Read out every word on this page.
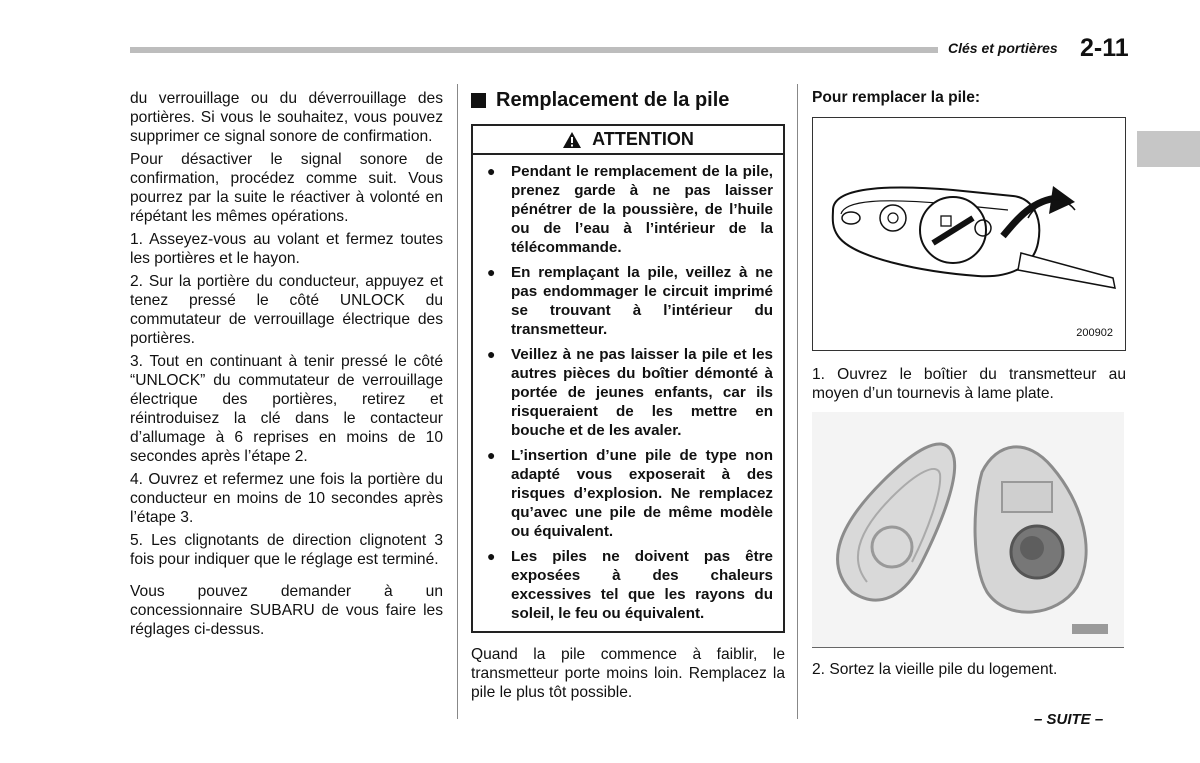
Clés et portières 2-11

du verrouillage ou du déverrouillage des portières. Si vous le souhaitez, vous pouvez supprimer ce signal sonore de confirmation.

Pour désactiver le signal sonore de confirmation, procédez comme suit. Vous pourrez par la suite le réactiver à volonté en répétant les mêmes opérations.

1. Asseyez-vous au volant et fermez toutes les portières et le hayon.

2. Sur la portière du conducteur, appuyez et tenez pressé le côté UNLOCK du commutateur de verrouillage électrique des portières.

3. Tout en continuant à tenir pressé le côté “UNLOCK” du commutateur de verrouillage électrique des portières, retirez et réintroduisez la clé dans le contacteur d’allumage à 6 reprises en moins de 10 secondes après l’étape 2.

4. Ouvrez et refermez une fois la portière du conducteur en moins de 10 secondes après l’étape 3.

5. Les clignotants de direction clignotent 3 fois pour indiquer que le réglage est terminé.

Vous pouvez demander à un concessionnaire SUBARU de vous faire les réglages ci-dessus.

Remplacement de la pile
ATTENTION
●	Pendant le remplacement de la pile, prenez garde à ne pas laisser pénétrer de la poussière, de l’huile ou de l’eau à l’intérieur de la télécommande.
●	En remplaçant la pile, veillez à ne pas endommager le circuit imprimé se trouvant à l’intérieur du transmetteur.
●	Veillez à ne pas laisser la pile et les autres pièces du boîtier démonté à portée de jeunes enfants, car ils risqueraient de les mettre en bouche et de les avaler.
●	L’insertion d’une pile de type non adapté vous exposerait à des risques d’explosion. Ne remplacez qu’avec une pile de même modèle ou équivalent.
●	Les piles ne doivent pas être exposées à des chaleurs excessives tel que les rayons du soleil, le feu ou équivalent.
Quand la pile commence à faiblir, le transmetteur porte moins loin. Remplacez la pile le plus tôt possible.
Pour remplacer la pile:
200902
1. Ouvrez le boîtier du transmetteur au moyen d’un tournevis à lame plate.
2. Sortez la vieille pile du logement.
– SUITE –
